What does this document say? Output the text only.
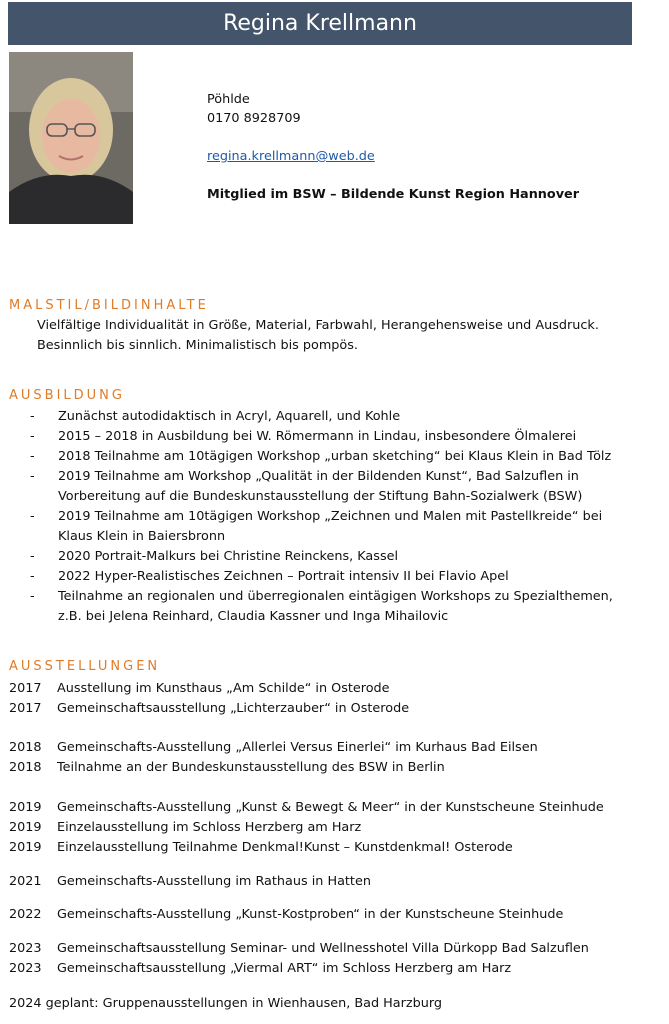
Regina Krellmann
Pöhlde
0170 8928709
regina.krellmann@web.de
Mitglied im BSW – Bildende Kunst Region Hannover
MALSTIL/BILDINHALTE
Vielfältige Individualität in Größe, Material, Farbwahl, Herangehensweise und Ausdruck.
Besinnlich bis sinnlich. Minimalistisch bis pompös.
AUSBILDUNG
- Zunächst autodidaktisch in Acryl, Aquarell, und Kohle
- 2015 – 2018 in Ausbildung bei W. Römermann in Lindau, insbesondere Ölmalerei
- 2018 Teilnahme am 10tägigen Workshop „urban sketching“ bei Klaus Klein in Bad Tölz
- 2019 Teilnahme am Workshop „Qualität in der Bildenden Kunst“, Bad Salzuflen in Vorbereitung auf die Bundeskunstausstellung der Stiftung Bahn-Sozialwerk (BSW)
- 2019 Teilnahme am 10tägigen Workshop „Zeichnen und Malen mit Pastellkreide“ bei Klaus Klein in Baiersbronn
- 2020 Portrait-Malkurs bei Christine Reinckens, Kassel
- 2022 Hyper-Realistisches Zeichnen – Portrait intensiv II bei Flavio Apel
- Teilnahme an regionalen und überregionalen eintägigen Workshops zu Spezialthemen, z.B. bei Jelena Reinhard, Claudia Kassner und Inga Mihailovic
AUSSTELLUNGEN
2017 Ausstellung im Kunsthaus „Am Schilde“ in Osterode
2017 Gemeinschaftsausstellung „Lichterzauber“ in Osterode
2018 Gemeinschafts-Ausstellung „Allerlei Versus Einerlei“ im Kurhaus Bad Eilsen
2018 Teilnahme an der Bundeskunstausstellung des BSW in Berlin
2019 Gemeinschafts-Ausstellung „Kunst & Bewegt & Meer“ in der Kunstscheune Steinhude
2019 Einzelausstellung im Schloss Herzberg am Harz
2019 Einzelausstellung Teilnahme Denkmal!Kunst – Kunstdenkmal! Osterode
2021 Gemeinschafts-Ausstellung im Rathaus in Hatten
2022 Gemeinschafts-Ausstellung „Kunst-Kostproben“ in der Kunstscheune Steinhude
2023 Gemeinschaftsausstellung Seminar- und Wellnesshotel Villa Dürkopp Bad Salzuflen
2023 Gemeinschaftsausstellung „Viermal ART“ im Schloss Herzberg am Harz
2024 geplant: Gruppenausstellungen in Wienhausen, Bad Harzburg
